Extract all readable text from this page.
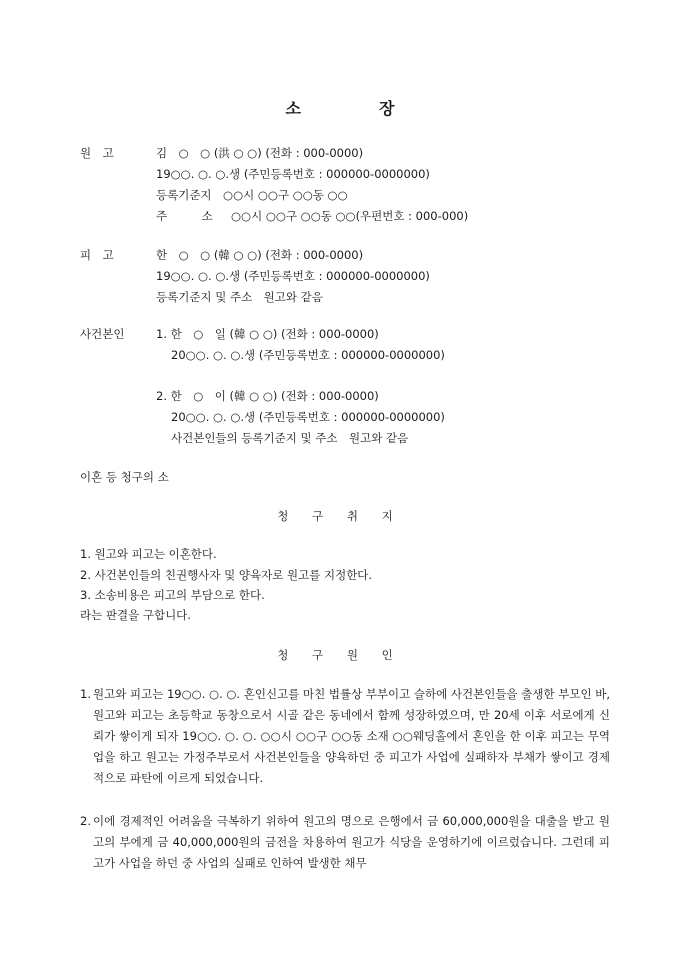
소	장
원　고	김　○　○ (洪 ○ ○) (전화 : 000-0000)
19○○. ○. ○.생 (주민등록번호 : 000000-0000000)
등록기준지　○○시 ○○구 ○○동 ○○
주　　　소 ○○시 ○○구 ○○동 ○○(우편번호 : 000-000)
피　고	한　○　○ (韓 ○ ○) (전화 : 000-0000)
19○○. ○. ○.생 (주민등록번호 : 000000-0000000)
등록기준지 및 주소　원고와 같음
사건본인	1. 한　○　일 (韓 ○ ○) (전화 : 000-0000)
20○○. ○. ○.생 (주민등록번호 : 000000-0000000)
2. 한　○　이 (韓 ○ ○) (전화 : 000-0000)
20○○. ○. ○.생 (주민등록번호 : 000000-0000000)
사건본인들의 등록기준지 및 주소　원고와 같음
이혼 등 청구의 소
청 구 취 지
1. 원고와 피고는 이혼한다.
2. 사건본인들의 친권행사자 및 양육자로 원고를 지정한다.
3. 소송비용은 피고의 부담으로 한다.
라는 판결을 구합니다.
청 구 원 인
1. 원고와 피고는 19○○. ○. ○. 혼인신고를 마친 법률상 부부이고 슬하에 사건본인들을 출생한 부모인 바, 원고와 피고는 초등학교 동창으로서 시골 같은 동네에서 함께 성장하였으며, 만 20세 이후 서로에게 신뢰가 쌓이게 되자 19○○. ○. ○. ○○시 ○○구 ○○동 소재 ○○웨딩홀에서 혼인을 한 이후 피고는 무역업을 하고 원고는 가정주부로서 사건본인들을 양육하던 중 피고가 사업에 실패하자 부채가 쌓이고 경제적으로 파탄에 이르게 되었습니다.
2. 이에 경제적인 어려움을 극복하기 위하여 원고의 명으로 은행에서 금 60,000,000원을 대출을 받고 원고의 부에게 금 40,000,000원의 금전을 차용하여 원고가 식당을 운영하기에 이르렀습니다. 그런데 피고가 사업을 하던 중 사업의 실패로 인하여 발생한 채무
